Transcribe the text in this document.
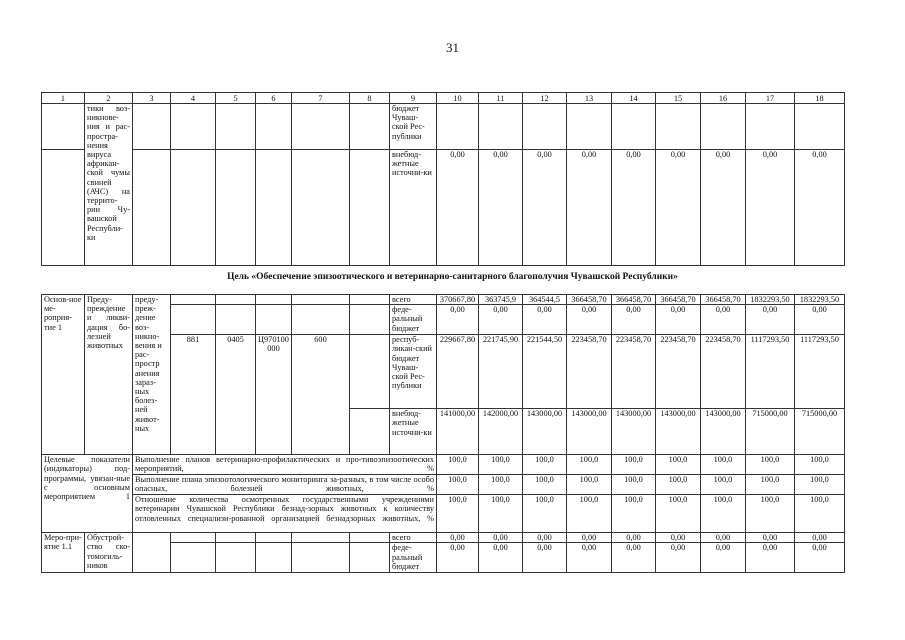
31
1	2	3	4	5	6	7	8	9	10	11	12	13	14	15	16	17	18
	тики воз-никнове-ния и рас-простра-нения вируса африкан-ской чумы свиней (АЧС) на террито-рии Чу-вашской Республи-ки							бюджет Чуваш-ской Рес-публики									
								внебюд-жетные источни-ки	0,00	0,00	0,00	0,00	0,00	0,00	0,00	0,00	0,00
Цель «Обеспечение эпизоотического и ветеринарно-санитарного благополучия Чувашской Республики»
Основ-ное ме-роприя-тие 1	Преду-преждение и ликви-дация бо-лезней животных	преду-преж-дение воз-никно-вения и рас-простр анения зараз-ных болез-ней живот-ных						всего	370667,80	363745,9	364544,5	366458,70	366458,70	366458,70	366458,70	1832293,50	1832293,50
								феде-ральный бюджет	0,00	0,00	0,00	0,00	0,00	0,00	0,00	0,00	0,00
			881	0405	Ц970100000	600		респуб-ликан-ский бюджет Чуваш-ской Рес-публики	229667,80	221745,90	221544,50	223458,70	223458,70	223458,70	223458,70	1117293,50	1117293,50
								внебюд-жетные источни-ки	141000,00	142000,00	143000,00	143000,00	143000,00	143000,00	143000,00	715000,00	715000,00
Целевые показатели (индикаторы) под-программы, увязан-ные с основным мероприятием 1		Выполнение планов ветеринарно-профилактических и про-тивоэпизоотических мероприятий, %							100,0	100,0	100,0	100,0	100,0	100,0	100,0	100,0	100,0
		Выполнение плана эпизоотологического мониторинга за-разных, в том числе особо опасных, болезней животных, %							100,0	100,0	100,0	100,0	100,0	100,0	100,0	100,0	100,0
		Отношение количества осмотренных государственными учреждениями ветеринарии Чувашской Республики безнад-зорных животных к количеству отловленных специализи-рованной организацией безнадзорных животных, %							100,0	100,0	100,0	100,0	100,0	100,0	100,0	100,0	100,0
Меро-при-ятие 1.1	Обустрой-ство ско-томогиль-ников							всего	0,00	0,00	0,00	0,00	0,00	0,00	0,00	0,00	0,00
								феде-ральный бюджет	0,00	0,00	0,00	0,00	0,00	0,00	0,00	0,00	0,00
